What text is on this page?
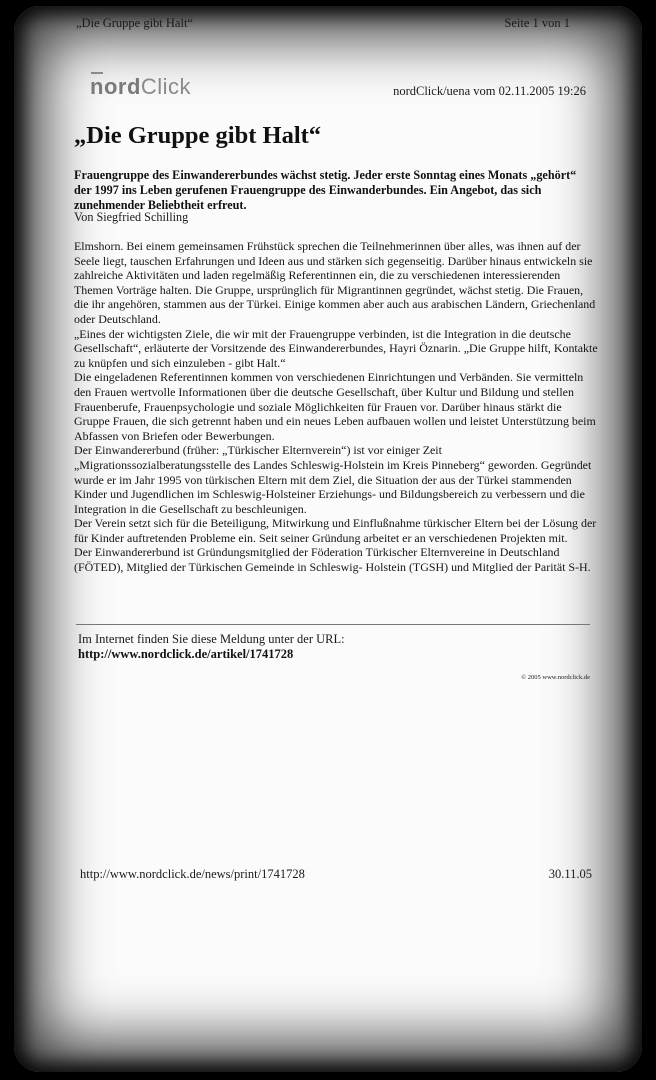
„Die Gruppe gibt Halt“	Seite 1 von 1
nordClick	nordClick/uena vom 02.11.2005 19:26
„Die Gruppe gibt Halt“
Frauengruppe des Einwandererbundes wächst stetig. Jeder erste Sonntag eines Monats „gehört“ der 1997 ins Leben gerufenen Frauengruppe des Einwanderbundes. Ein Angebot, das sich zunehmender Beliebtheit erfreut.
Von Siegfried Schilling

Elmshorn. Bei einem gemeinsamen Frühstück sprechen die Teilnehmerinnen über alles, was ihnen auf der Seele liegt, tauschen Erfahrungen und Ideen aus und stärken sich gegenseitig. Darüber hinaus entwickeln sie zahlreiche Aktivitäten und laden regelmäßig Referentinnen ein, die zu verschiedenen interessierenden Themen Vorträge halten. Die Gruppe, ursprünglich für Migrantinnen gegründet, wächst stetig. Die Frauen, die ihr angehören, stammen aus der Türkei. Einige kommen aber auch aus arabischen Ländern, Griechenland oder Deutschland.

„Eines der wichtigsten Ziele, die wir mit der Frauengruppe verbinden, ist die Integration in die deutsche Gesellschaft“, erläuterte der Vorsitzende des Einwandererbundes, Hayri Öznarin. „Die Gruppe hilft, Kontakte zu knüpfen und sich einzuleben - gibt Halt.“

Die eingeladenen Referentinnen kommen von verschiedenen Einrichtungen und Verbänden. Sie vermitteln den Frauen wertvolle Informationen über die deutsche Gesellschaft, über Kultur und Bildung und stellen Frauenberufe, Frauenpsychologie und soziale Möglichkeiten für Frauen vor. Darüber hinaus stärkt die Gruppe Frauen, die sich getrennt haben und ein neues Leben aufbauen wollen und leistet Unterstützung beim Abfassen von Briefen oder Bewerbungen.

Der Einwandererbund (früher: „Türkischer Elternverein“) ist vor einiger Zeit „Migrationssozialberatungsstelle des Landes Schleswig-Holstein im Kreis Pinneberg“ geworden. Gegründet wurde er im Jahr 1995 von türkischen Eltern mit dem Ziel, die Situation der aus der Türkei stammenden Kinder und Jugendlichen im Schleswig-Holsteiner Erziehungs- und Bildungsbereich zu verbessern und die Integration in die Gesellschaft zu beschleunigen.

Der Verein setzt sich für die Beteiligung, Mitwirkung und Einflußnahme türkischer Eltern bei der Lösung der für Kinder auftretenden Probleme ein. Seit seiner Gründung arbeitet er an verschiedenen Projekten mit.

Der Einwandererbund ist Gründungsmitglied der Föderation Türkischer Elternvereine in Deutschland (FÖTED), Mitglied der Türkischen Gemeinde in Schleswig- Holstein (TGSH) und Mitglied der Parität S-H.

Im Internet finden Sie diese Meldung unter der URL:
http://www.nordclick.de/artikel/1741728
© 2005 www.nordclick.de
http://www.nordclick.de/news/print/1741728	30.11.05
